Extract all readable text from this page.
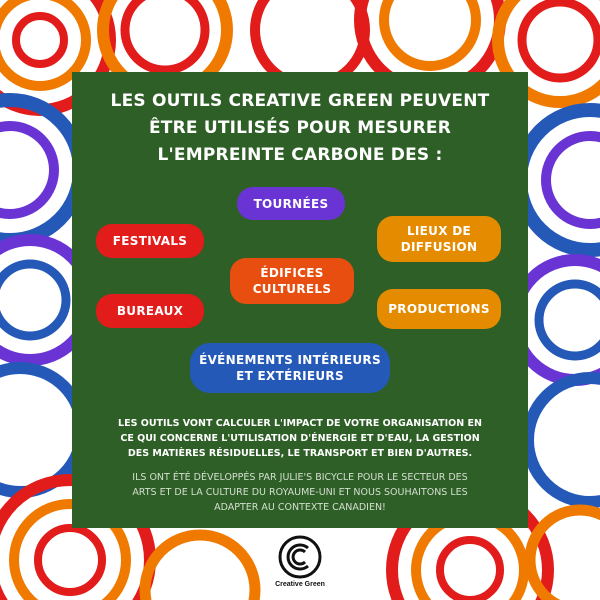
LES OUTILS CREATIVE GREEN PEUVENT
ÊTRE UTILISÉS POUR MESURER
L'EMPREINTE CARBONE DES :
TOURNÉES
FESTIVALS
LIEUX DE
DIFFUSION
ÉDIFICES
CULTURELS
BUREAUX	PRODUCTIONS
ÉVÉNEMENTS INTÉRIEURS
ET EXTÉRIEURS
LES OUTILS VONT CALCULER L'IMPACT DE VOTRE ORGANISATION EN
CE QUI CONCERNE L'UTILISATION D'ÉNERGIE ET D'EAU, LA GESTION
DES MATIÈRES RÉSIDUELLES, LE TRANSPORT ET BIEN D'AUTRES.
ILS ONT ÉTÉ DÉVELOPPÉS PAR JULIE'S BICYCLE POUR LE SECTEUR DES
ARTS ET DE LA CULTURE DU ROYAUME-UNI ET NOUS SOUHAITONS LES
ADAPTER AU CONTEXTE CANADIEN!
Creative Green
